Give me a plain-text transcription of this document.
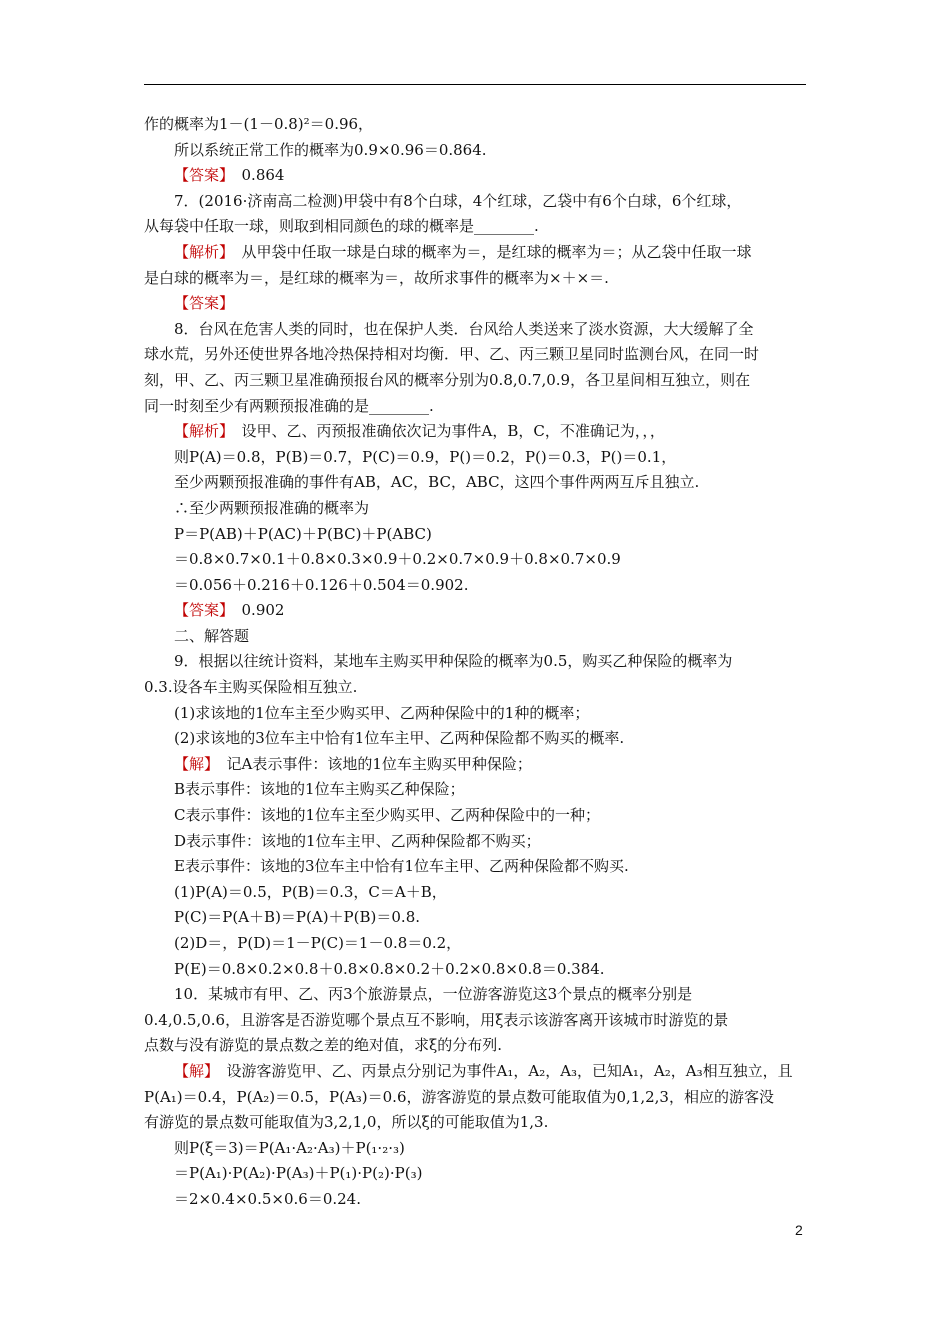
作的概率为1－(1－0.8)²＝0.96，
所以系统正常工作的概率为0.9×0.96＝0.864.
【答案】　0.864
7．(2016·济南高二检测)甲袋中有8个白球，4个红球，乙袋中有6个白球，6个红球，
从每袋中任取一球，则取到相同颜色的球的概率是________.
【解析】　从甲袋中任取一球是白球的概率为＝，是红球的概率为＝；从乙袋中任取一球
是白球的概率为＝，是红球的概率为＝，故所求事件的概率为×＋×＝.
【答案】
8．台风在危害人类的同时，也在保护人类．台风给人类送来了淡水资源，大大缓解了全
球水荒，另外还使世界各地冷热保持相对均衡．甲、乙、丙三颗卫星同时监测台风，在同一时
刻，甲、乙、丙三颗卫星准确预报台风的概率分别为0.8,0.7,0.9，各卫星间相互独立，则在
同一时刻至少有两颗预报准确的是________.
【解析】　设甲、乙、丙预报准确依次记为事件A，B，C，不准确记为，，，
则P(A)＝0.8，P(B)＝0.7，P(C)＝0.9，P()＝0.2，P()＝0.3，P()＝0.1，
至少两颗预报准确的事件有AB，AC，BC，ABC，这四个事件两两互斥且独立.
∴至少两颗预报准确的概率为
P＝P(AB)＋P(AC)＋P(BC)＋P(ABC)
＝0.8×0.7×0.1＋0.8×0.3×0.9＋0.2×0.7×0.9＋0.8×0.7×0.9
＝0.056＋0.216＋0.126＋0.504＝0.902.
【答案】　0.902
二、解答题
9．根据以往统计资料，某地车主购买甲种保险的概率为0.5，购买乙种保险的概率为
0.3.设各车主购买保险相互独立.
(1)求该地的1位车主至少购买甲、乙两种保险中的1种的概率；
(2)求该地的3位车主中恰有1位车主甲、乙两种保险都不购买的概率.
【解】　记A表示事件：该地的1位车主购买甲种保险；
B表示事件：该地的1位车主购买乙种保险；
C表示事件：该地的1位车主至少购买甲、乙两种保险中的一种；
D表示事件：该地的1位车主甲、乙两种保险都不购买；
E表示事件：该地的3位车主中恰有1位车主甲、乙两种保险都不购买.
(1)P(A)＝0.5，P(B)＝0.3，C＝A＋B，
P(C)＝P(A＋B)＝P(A)＋P(B)＝0.8.
(2)D＝，P(D)＝1－P(C)＝1－0.8＝0.2，
P(E)＝0.8×0.2×0.8＋0.8×0.8×0.2＋0.2×0.8×0.8＝0.384.
10．某城市有甲、乙、丙3个旅游景点，一位游客游览这3个景点的概率分别是
0.4,0.5,0.6，且游客是否游览哪个景点互不影响，用ξ表示该游客离开该城市时游览的景
点数与没有游览的景点数之差的绝对值，求ξ的分布列.
【解】　设游客游览甲、乙、丙景点分别记为事件A₁，A₂，A₃，已知A₁，A₂，A₃相互独立，且
P(A₁)＝0.4，P(A₂)＝0.5，P(A₃)＝0.6，游客游览的景点数可能取值为0,1,2,3，相应的游客没
有游览的景点数可能取值为3,2,1,0，所以ξ的可能取值为1,3.
则P(ξ＝3)＝P(A₁·A₂·A₃)＋P(₁·₂·₃)
＝P(A₁)·P(A₂)·P(A₃)＋P(₁)·P(₂)·P(₃)
＝2×0.4×0.5×0.6＝0.24.
2
